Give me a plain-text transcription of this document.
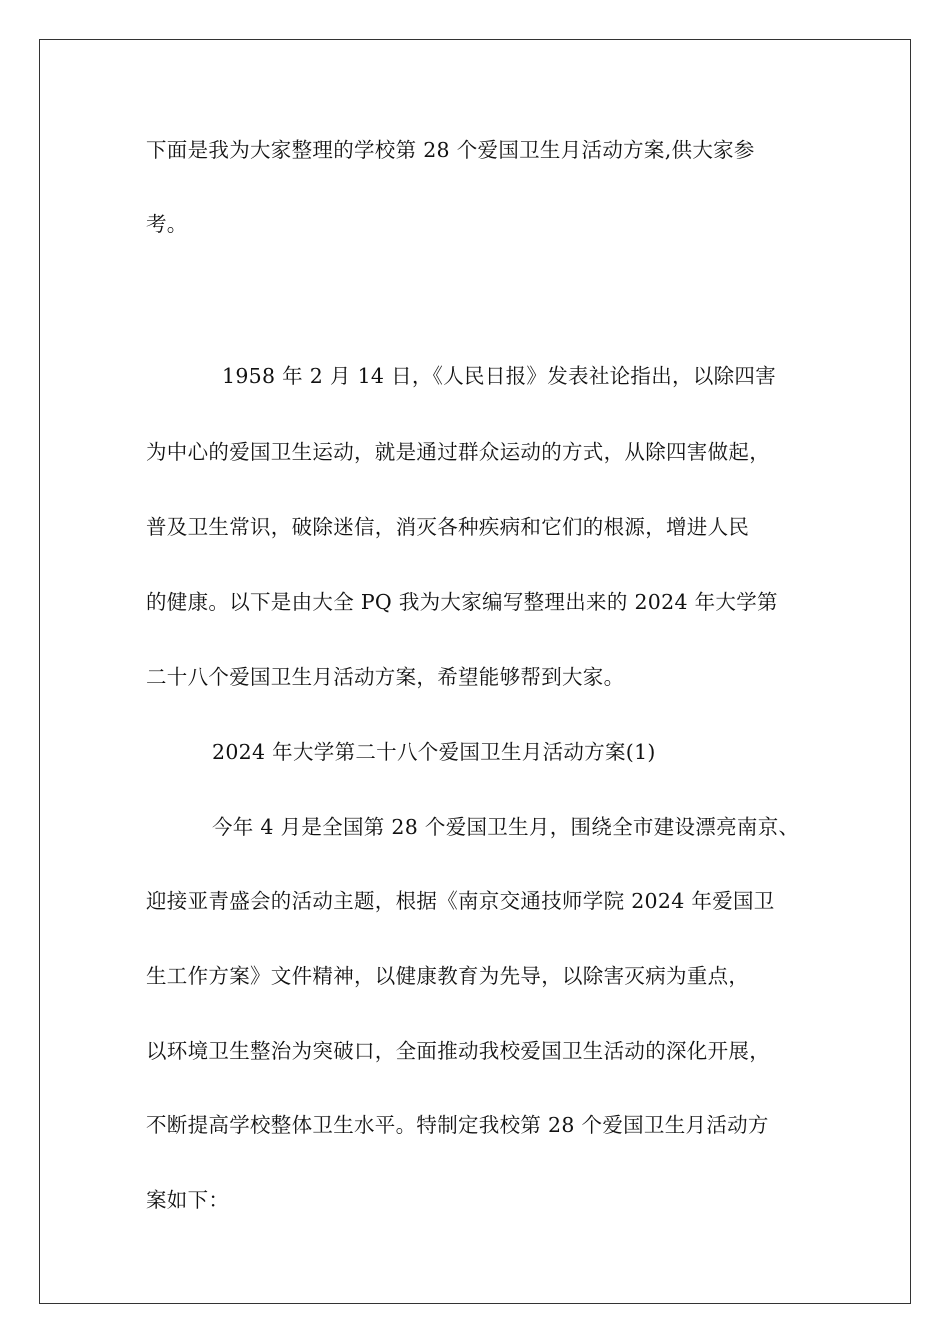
下面是我为大家整理的学校第 28 个爱国卫生月活动方案,供大家参
考。
1958 年 2 月 14 日，《人民日报》发表社论指出，以除四害
为中心的爱国卫生运动，就是通过群众运动的方式，从除四害做起，
普及卫生常识，破除迷信，消灭各种疾病和它们的根源，增进人民
的健康。以下是由大全 PQ 我为大家编写整理出来的 2024 年大学第
二十八个爱国卫生月活动方案，希望能够帮到大家。
2024 年大学第二十八个爱国卫生月活动方案(1)
今年 4 月是全国第 28 个爱国卫生月，围绕全市建设漂亮南京、
迎接亚青盛会的活动主题，根据《南京交通技师学院 2024 年爱国卫
生工作方案》文件精神，以健康教育为先导，以除害灭病为重点，
以环境卫生整治为突破口，全面推动我校爱国卫生活动的深化开展，
不断提高学校整体卫生水平。特制定我校第 28 个爱国卫生月活动方
案如下：
